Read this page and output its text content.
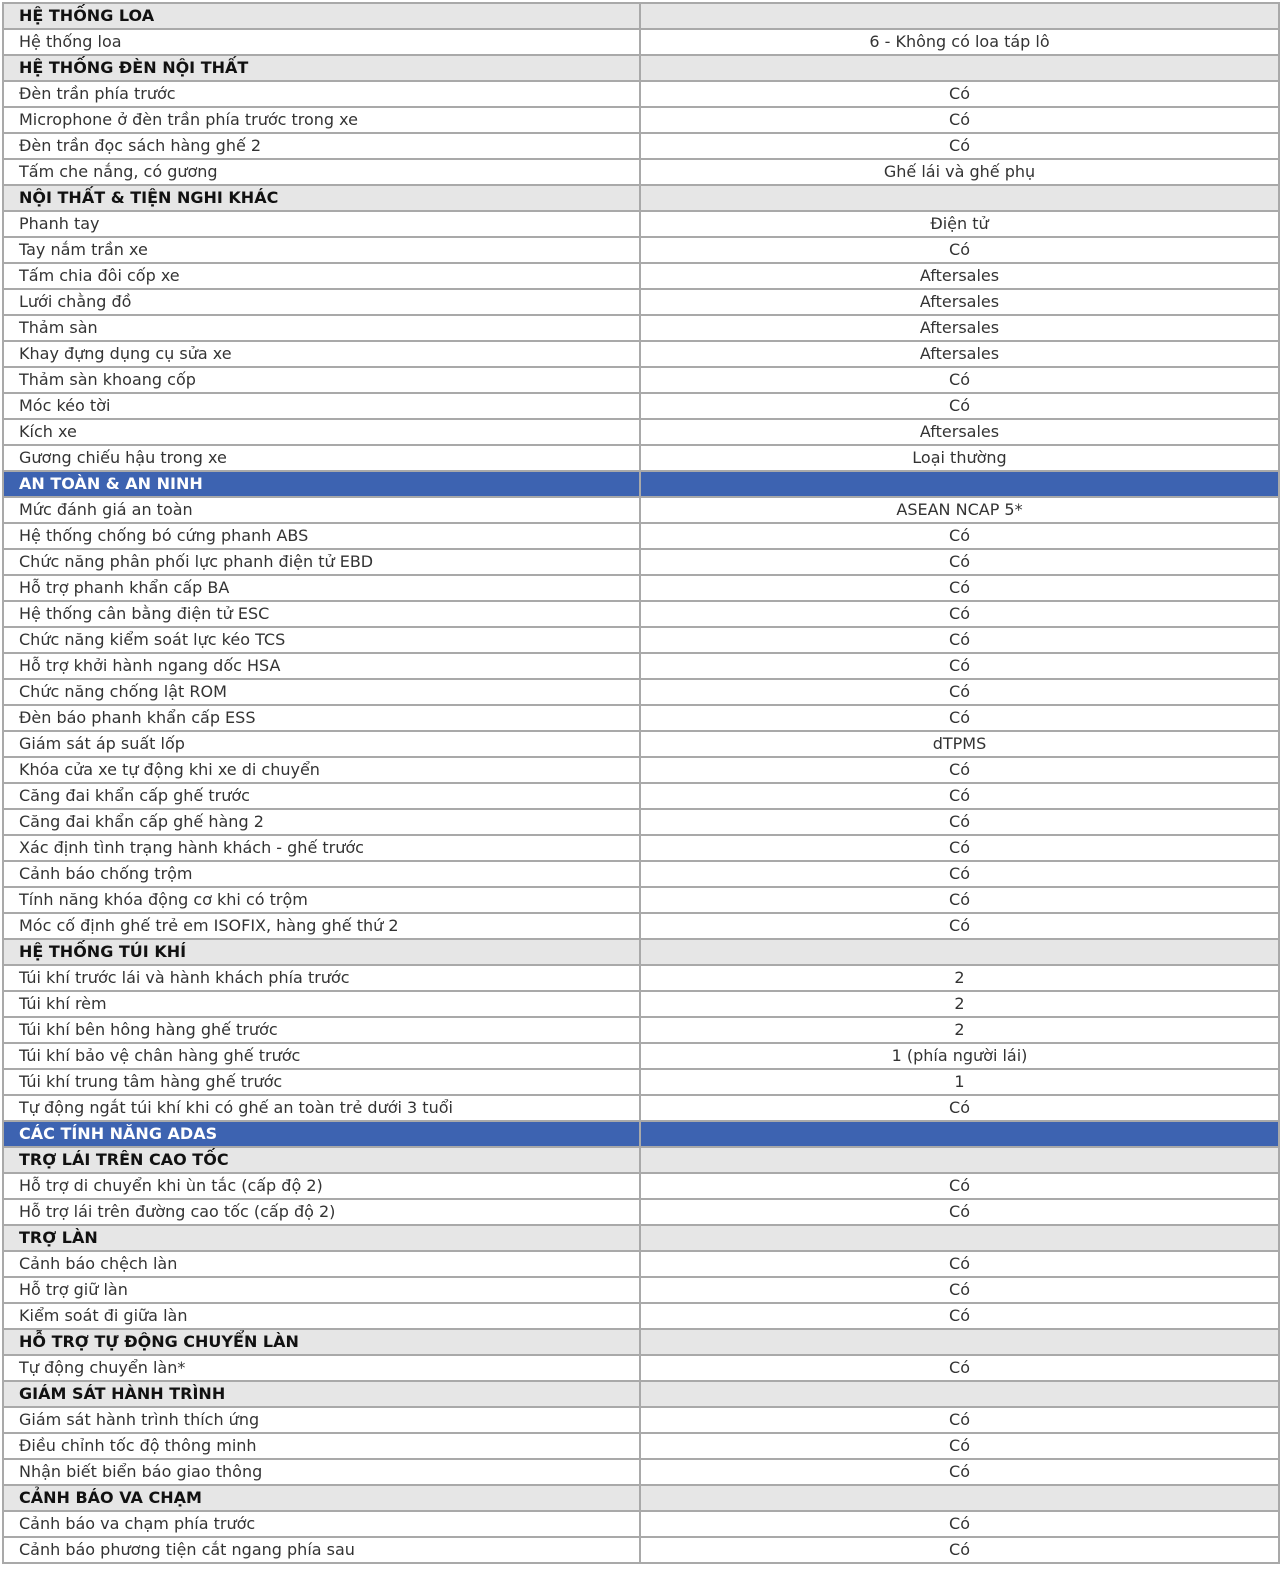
HỆ THỐNG LOA	
Hệ thống loa	6 - Không có loa táp lô
HỆ THỐNG ĐÈN NỘI THẤT	
Đèn trần phía trước	Có
Microphone ở đèn trần phía trước trong xe	Có
Đèn trần đọc sách hàng ghế 2	Có
Tấm che nắng, có gương	Ghế lái và ghế phụ
NỘI THẤT & TIỆN NGHI KHÁC	
Phanh tay	Điện tử
Tay nắm trần xe	Có
Tấm chia đôi cốp xe	Aftersales
Lưới chằng đồ	Aftersales
Thảm sàn	Aftersales
Khay đựng dụng cụ sửa xe	Aftersales
Thảm sàn khoang cốp	Có
Móc kéo tời	Có
Kích xe	Aftersales
Gương chiếu hậu trong xe	Loại thường
AN TOÀN & AN NINH	
Mức đánh giá an toàn	ASEAN NCAP 5*
Hệ thống chống bó cứng phanh ABS	Có
Chức năng phân phối lực phanh điện tử EBD	Có
Hỗ trợ phanh khẩn cấp BA	Có
Hệ thống cân bằng điện tử ESC	Có
Chức năng kiểm soát lực kéo TCS	Có
Hỗ trợ khởi hành ngang dốc HSA	Có
Chức năng chống lật ROM	Có
Đèn báo phanh khẩn cấp ESS	Có
Giám sát áp suất lốp	dTPMS
Khóa cửa xe tự động khi xe di chuyển	Có
Căng đai khẩn cấp ghế trước	Có
Căng đai khẩn cấp ghế hàng 2	Có
Xác định tình trạng hành khách - ghế trước	Có
Cảnh báo chống trộm	Có
Tính năng khóa động cơ khi có trộm	Có
Móc cố định ghế trẻ em ISOFIX, hàng ghế thứ 2	Có
HỆ THỐNG TÚI KHÍ	
Túi khí trước lái và hành khách phía trước	2
Túi khí rèm	2
Túi khí bên hông hàng ghế trước	2
Túi khí bảo vệ chân hàng ghế trước	1 (phía người lái)
Túi khí trung tâm hàng ghế trước	1
Tự động ngắt túi khí khi có ghế an toàn trẻ dưới 3 tuổi	Có
CÁC TÍNH NĂNG ADAS	
TRỢ LÁI TRÊN CAO TỐC	
Hỗ trợ di chuyển khi ùn tắc (cấp độ 2)	Có
Hỗ trợ lái trên đường cao tốc (cấp độ 2)	Có
TRỢ LÀN	
Cảnh báo chệch làn	Có
Hỗ trợ giữ làn	Có
Kiểm soát đi giữa làn	Có
HỖ TRỢ TỰ ĐỘNG CHUYỂN LÀN	
Tự động chuyển làn*	Có
GIÁM SÁT HÀNH TRÌNH	
Giám sát hành trình thích ứng	Có
Điều chỉnh tốc độ thông minh	Có
Nhận biết biển báo giao thông	Có
CẢNH BÁO VA CHẠM	
Cảnh báo va chạm phía trước	Có
Cảnh báo phương tiện cắt ngang phía sau	Có
